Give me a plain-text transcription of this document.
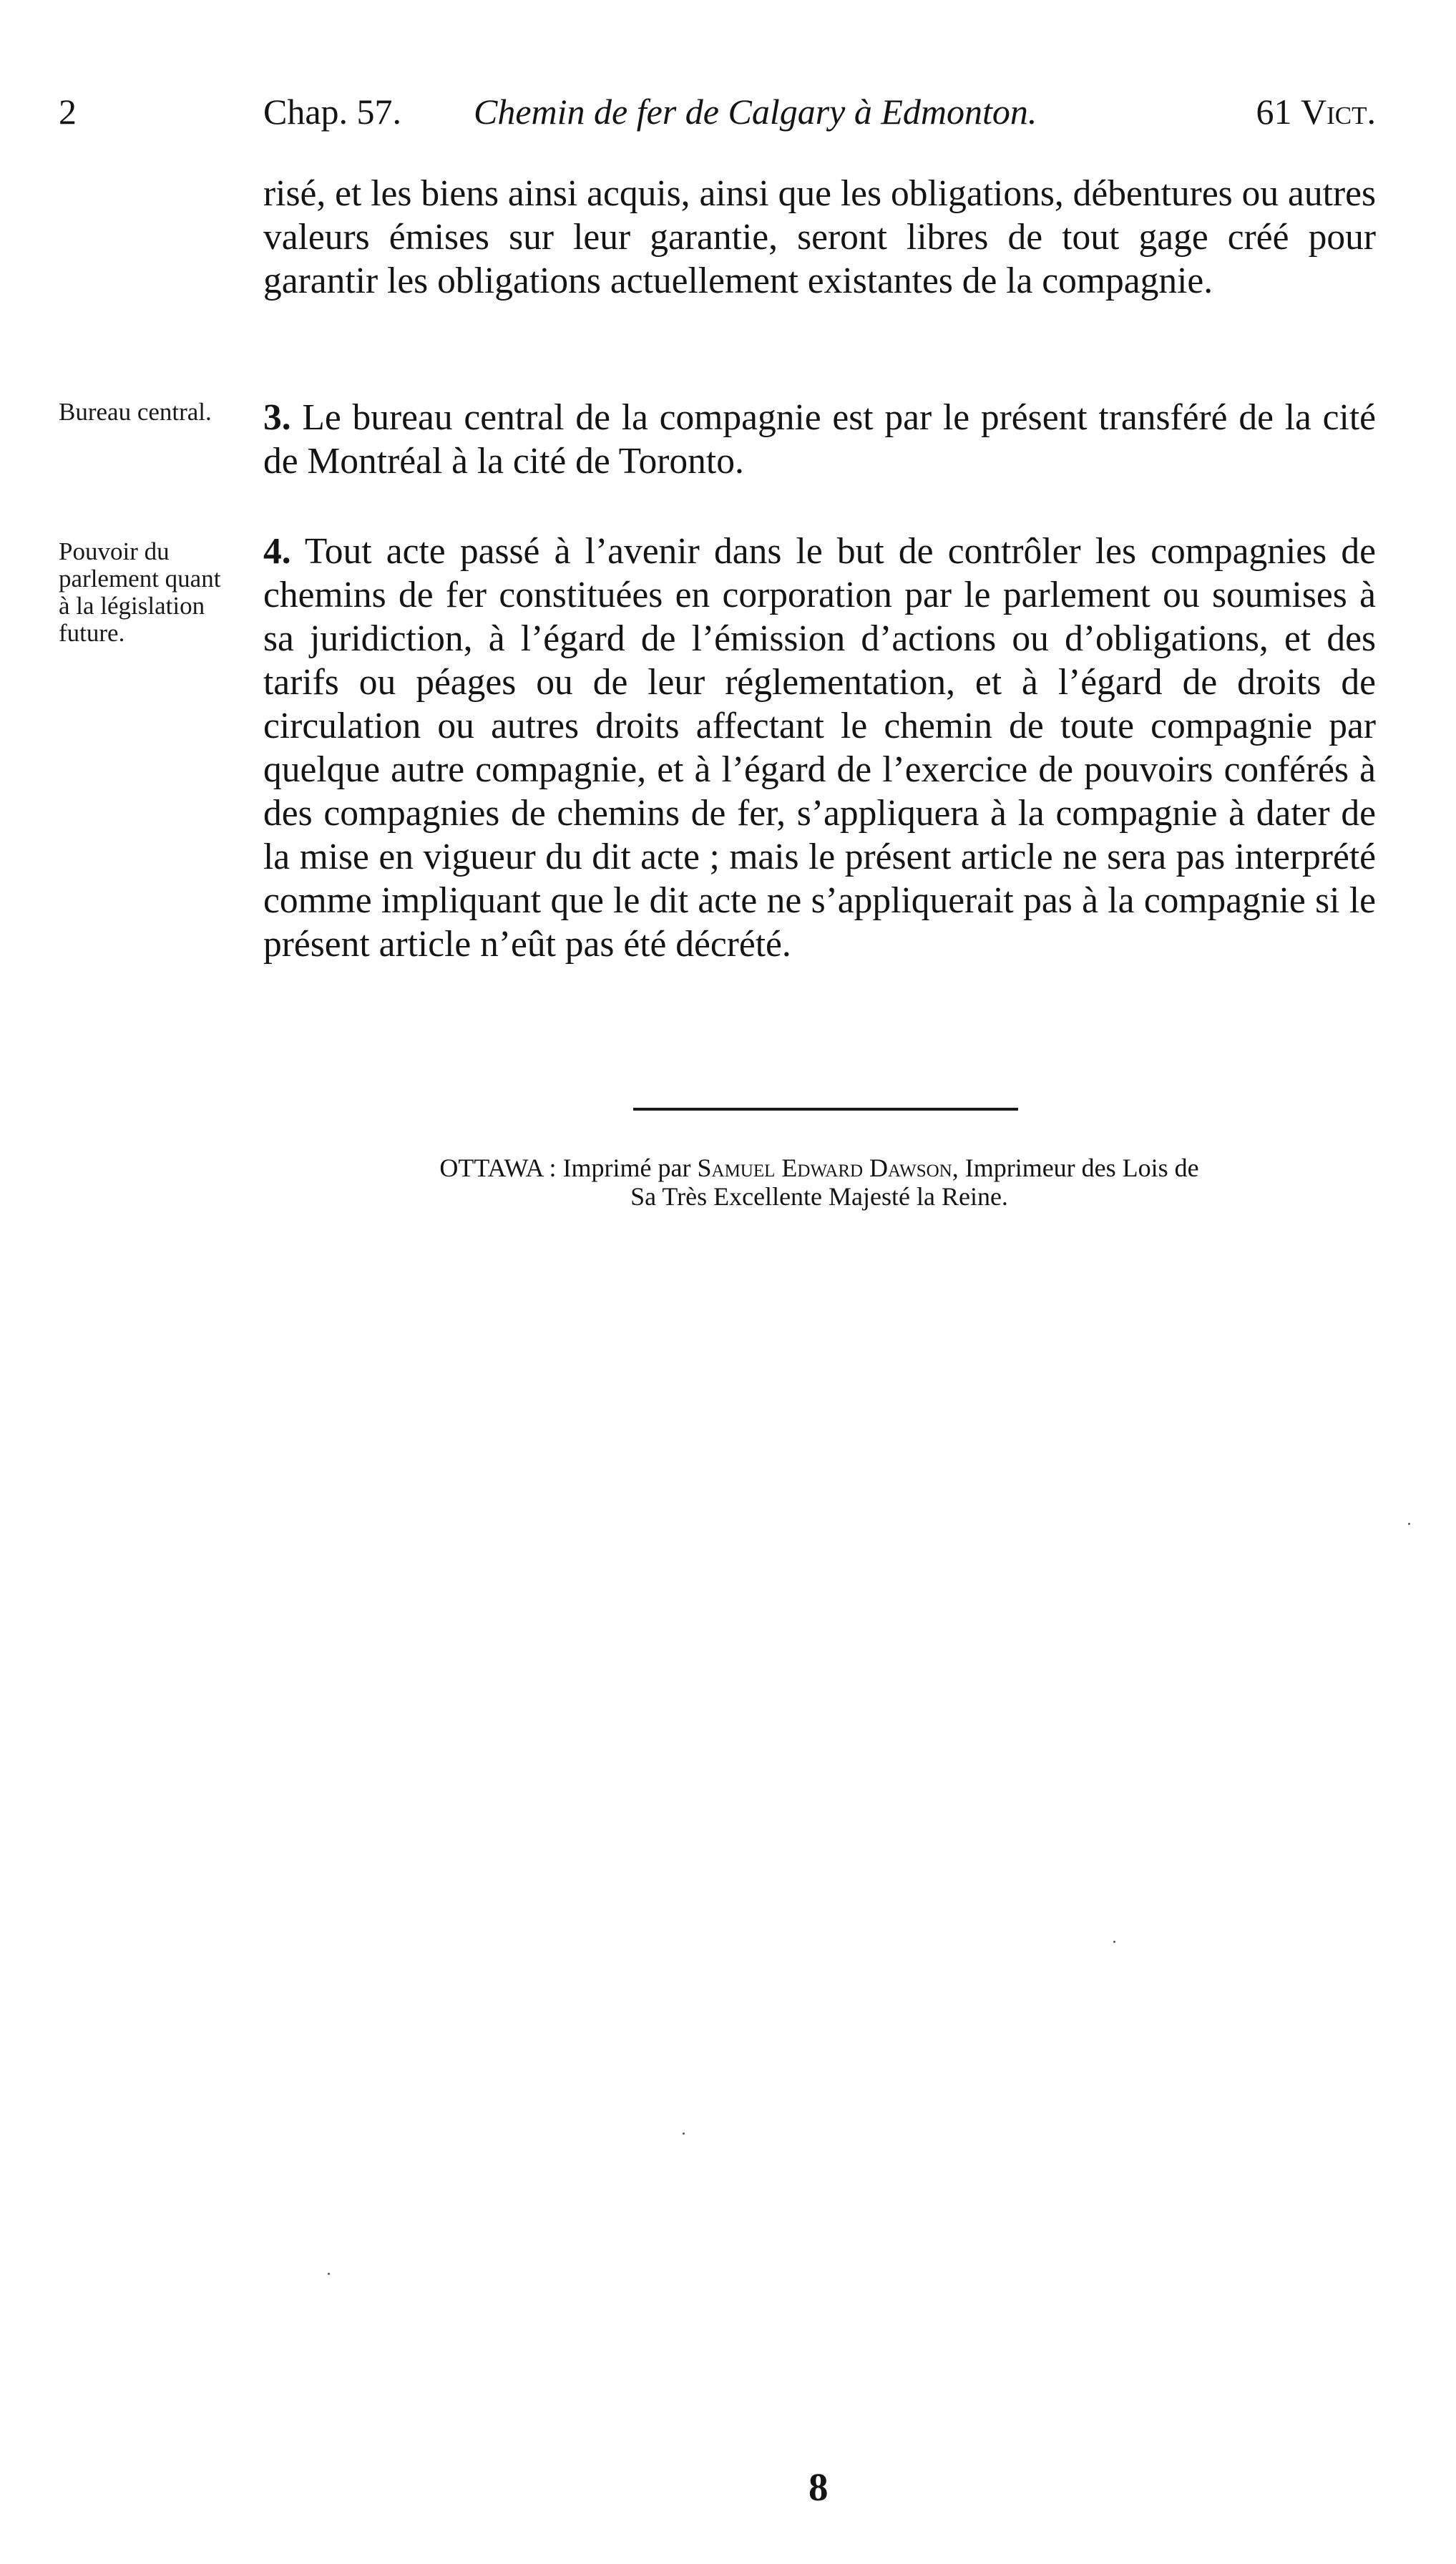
2	Chap. 57. Chemin de fer de Calgary à Edmonton.	61 Vict.
risé, et les biens ainsi acquis, ainsi que les obligations, débentures ou autres valeurs émises sur leur garantie, seront libres de tout gage créé pour garantir les obligations actuellement existantes de la compagnie.
Bureau central.	3. Le bureau central de la compagnie est par le présent transféré de la cité de Montréal à la cité de Toronto.
Pouvoir du parlement quant à la législation future.
4. Tout acte passé à l’avenir dans le but de contrôler les compagnies de chemins de fer constituées en corporation par le parlement ou soumises à sa juridiction, à l’égard de l’émission d’actions ou d’obligations, et des tarifs ou péages ou de leur réglementation, et à l’égard de droits de circulation ou autres droits affectant le chemin de toute compagnie par quelque autre compagnie, et à l’égard de l’exercice de pouvoirs conférés à des compagnies de chemins de fer, s’appliquera à la compagnie à dater de la mise en vigueur du dit acte ; mais le présent article ne sera pas interprété comme impliquant que le dit acte ne s’appliquerait pas à la compagnie si le présent article n’eût pas été décrété.
OTTAWA : Imprimé par Samuel Edward Dawson, Imprimeur des Lois de
Sa Très Excellente Majesté la Reine.
8
